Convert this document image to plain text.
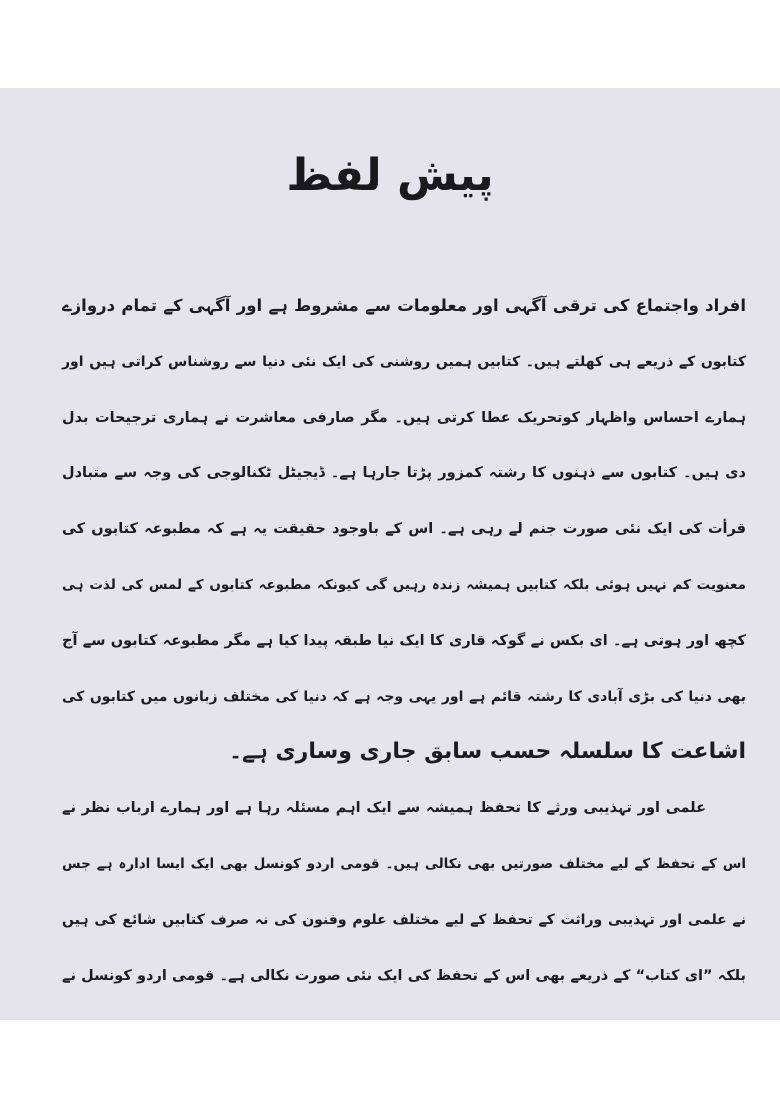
پیش لفظ
افراد واجتماع کی ترقی آگہی اور معلومات سے مشروط ہے اور آگہی کے تمام دروازے
کتابوں کے ذریعے ہی کھلتے ہیں۔ کتابیں ہمیں روشنی کی ایک نئی دنیا سے روشناس کراتی ہیں اور
ہمارے احساس واظہار کوتحریک عطا کرتی ہیں۔ مگر صارفی معاشرت نے ہماری ترجیحات بدل
دی ہیں۔ کتابوں سے ذہنوں کا رشتہ کمزور پڑتا جارہا ہے۔ ڈیجیٹل ٹکنالوجی کی وجہ سے متبادل
قرأت کی ایک نئی صورت جنم لے رہی ہے۔ اس کے باوجود حقیقت یہ ہے کہ مطبوعہ کتابوں کی
معنویت کم نہیں ہوئی بلکہ کتابیں ہمیشہ زندہ رہیں گی کیونکہ مطبوعہ کتابوں کے لمس کی لذت ہی
کچھ اور ہوتی ہے۔ ای بکس نے گوکہ قاری کا ایک نیا طبقہ پیدا کیا ہے مگر مطبوعہ کتابوں سے آج
بھی دنیا کی بڑی آبادی کا رشتہ قائم ہے اور یہی وجہ ہے کہ دنیا کی مختلف زبانوں میں کتابوں کی
اشاعت کا سلسلہ حسب سابق جاری وساری ہے۔
علمی اور تہذیبی ورثے کا تحفظ ہمیشہ سے ایک اہم مسئلہ رہا ہے اور ہمارے ارباب نظر نے
اس کے تحفظ کے لیے مختلف صورتیں بھی نکالی ہیں۔ قومی اردو کونسل بھی ایک ایسا ادارہ ہے جس
نے علمی اور تہذیبی وراثت کے تحفظ کے لیے مختلف علوم وفنون کی نہ صرف کتابیں شائع کی ہیں
بلکہ ”ای کتاب“ کے ذریعے بھی اس کے تحفظ کی ایک نئی صورت نکالی ہے۔ قومی اردو کونسل نے
